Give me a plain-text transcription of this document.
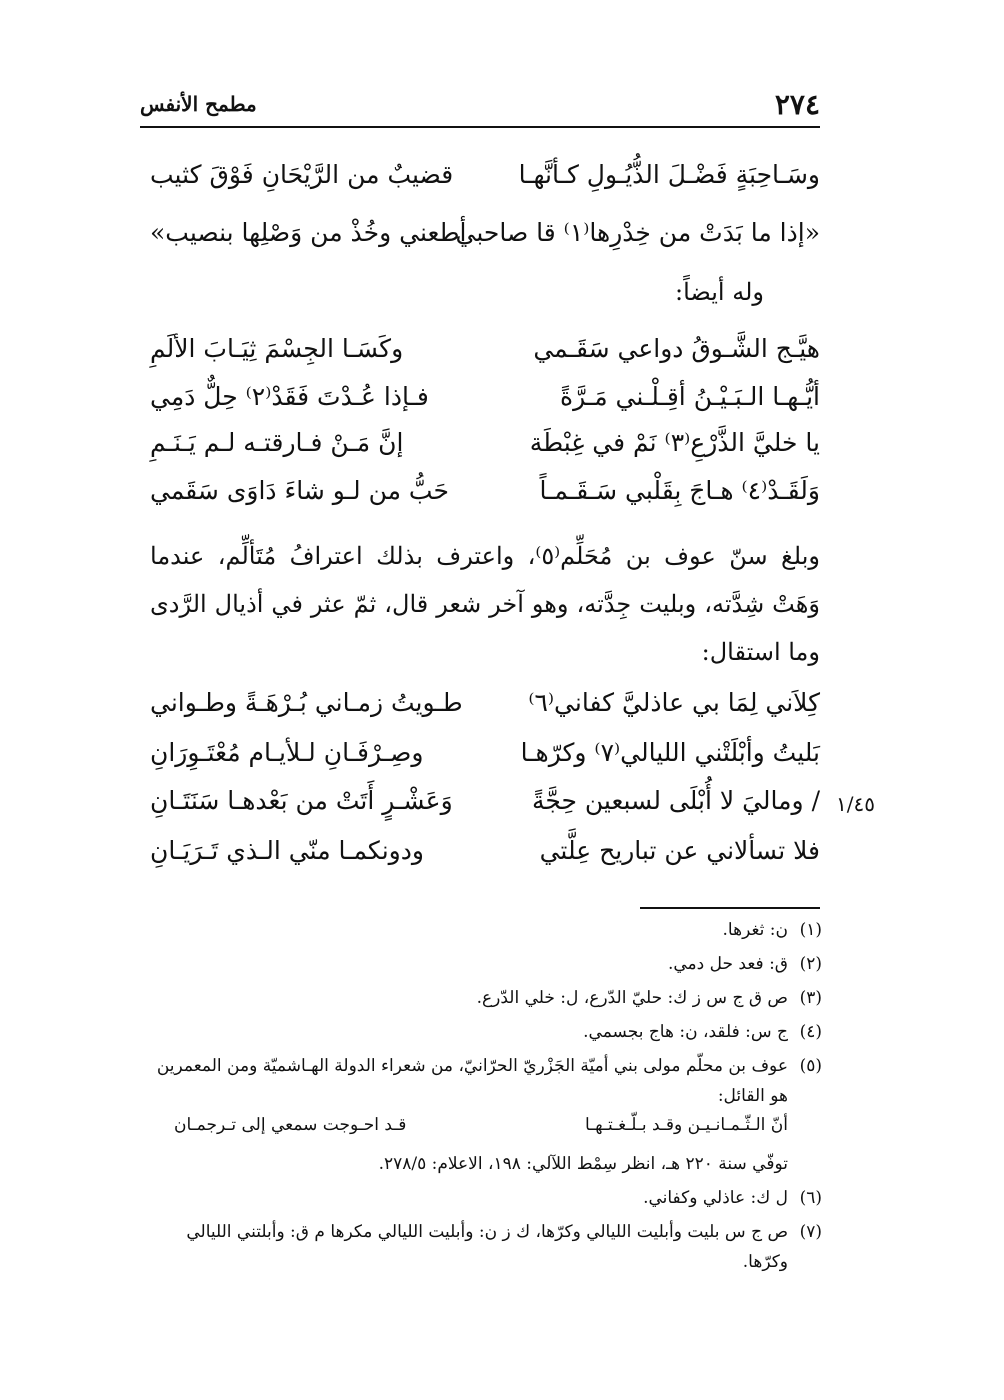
٢٧٤
مطمح الأنفس
وسَـاحِبَةٍ فَضْـلَ الذُّيُـولِ كـأنَّهـا
قضيبٌ من الرَّيْحَانِ فَوْقَ كثيب
«إذا ما بَدَتْ من خِدْرِها⁽١⁾ قا صاحبي
أطعني وخُذْ من وَصْلِها بنصيب»
وله أيضاً:
هيَّـج الشَّـوقُ دواعي سَقَـمي
وكَسَـا الجِسْمَ ثِيَـابَ الألَمِ
أيُّـهـا الـبَـيْـنُ أقِـلْـني مَـرَّةً
فـإذا عُـدْتَ فَقَدْ⁽٢⁾ حِلٌّ دَمِي
يا خليَّ الذَّرْعِ⁽٣⁾ نَمْ في غِبْطَة
إنَّ مَـنْ فـارقتـه لـم يَـنَـمِ
وَلَقَـدْ⁽٤⁾ هـاجَ بِقَلْبي سَـقَـمـاً
حَبُّ من لـو شاءَ دَاوَى سَقَمي
وبلغ سنّ عوف بن مُحَلِّم⁽٥⁾، واعترف بذلك اعترافُ مُتَألِّم، عندما وَهَتْ شِدَّته، وبليت جِدَّته، وهو آخر شعر قال، ثمّ عثر في أذيال الرَّدى وما استقال:
كِلاَني لِمَا بي عاذليَّ كفاني⁽٦⁾
طـويتُ زمـاني بُـرْهَـةً وطـواني
بَليتُ وأبْلَتْني الليالي⁽٧⁾ وكرّهـا
وصِـرْفَـانِ لـلأيـام مُعْتَـوِرَانِ
/ وماليَ لا أُبْلَى لسبعين حِجَّةً
وَعَشْـرٍ أَتَتْ من بَعْدهـا سَنَتَـانِ
فلا تسألاني عن تباريح عِلَّتي
ودونكمـا منّي الـذي تَـرَيَـانِ
١/٤٥
(١)
ن: ثغرها.
(٢)
ق: فعد حل دمي.
(٣)
ص ق ج س ز ك: حليّ الدّرع، ل: خلي الدّرع.
(٤)
ج س: فلقد، ن: هاج بجسمي.
(٥)
عوف بن محلّم مولى بني أميّة الجَزْريّ الحرّانيّ، من شعراء الدولة الهـاشميّة ومن المعمرين هو القائل:
أنّ الـثّـمـانـيـن وقـد بـلّـغـتـهـا
قـد احـوجت سمعي إلى تـرجمـان
توفّي سنة ٢٢٠ هـ، انظر سِمْط اللآلي: ١٩٨، الاعلام: ٢٧٨/٥.
(٦)
ل ك: عاذلي وكفاني.
(٧)
ص ج س بليت وأبليت الليالي وكرّها، ك ز ن: وأبليت الليالي مكرها م ق: وأبلتني الليالي وكرّها.
